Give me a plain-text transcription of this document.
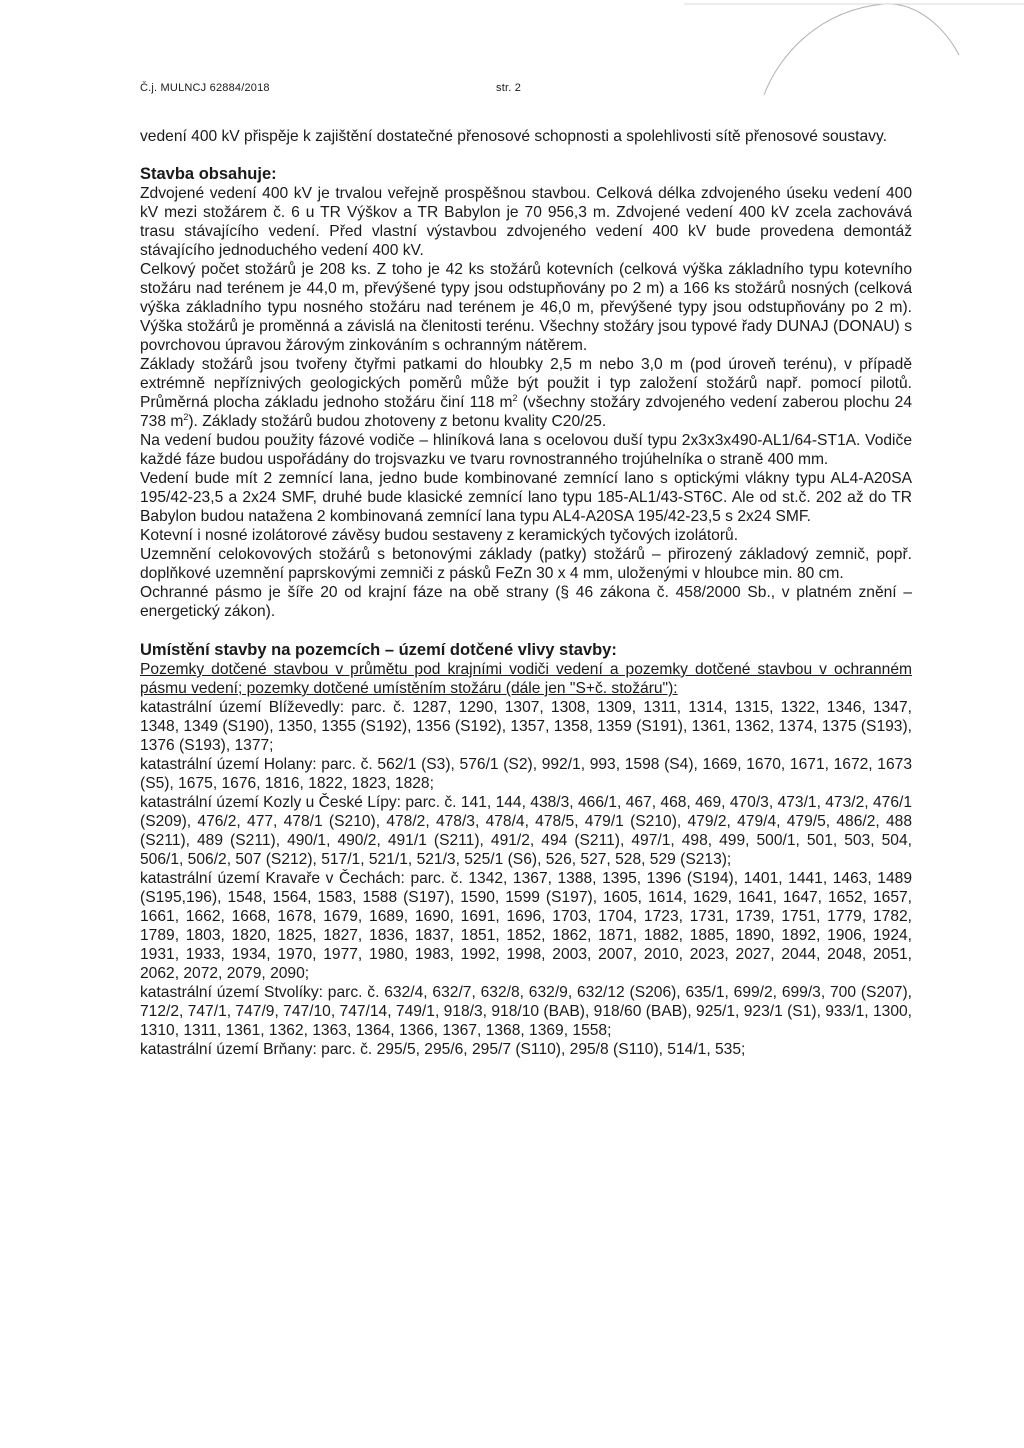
Č.j. MULNCJ 62884/2018	str. 2

vedení 400 kV přispěje k zajištění dostatečné přenosové schopnosti a spolehlivosti sítě přenosové soustavy.

Stavba obsahuje:

Zdvojené vedení 400 kV je trvalou veřejně prospěšnou stavbou. Celková délka zdvojeného úseku vedení 400 kV mezi stožárem č. 6 u TR Výškov a TR Babylon je 70 956,3 m. Zdvojené vedení 400 kV zcela zachovává trasu stávajícího vedení. Před vlastní výstavbou zdvojeného vedení 400 kV bude provedena demontáž stávajícího jednoduchého vedení 400 kV.

Celkový počet stožárů je 208 ks. Z toho je 42 ks stožárů kotevních (celková výška základního typu kotevního stožáru nad terénem je 44,0 m, převýšené typy jsou odstupňovány po 2 m) a 166 ks stožárů nosných (celková výška základního typu nosného stožáru nad terénem je 46,0 m, převýšené typy jsou odstupňovány po 2 m). Výška stožárů je proměnná a závislá na členitosti terénu. Všechny stožáry jsou typové řady DUNAJ (DONAU) s povrchovou úpravou žárovým zinkováním s ochranným nátěrem.

Základy stožárů jsou tvořeny čtyřmi patkami do hloubky 2,5 m nebo 3,0 m (pod úroveň terénu), v případě extrémně nepříznivých geologických poměrů může být použit i typ založení stožárů např. pomocí pilotů. Průměrná plocha základu jednoho stožáru činí 118 $m^2$ (všechny stožáry zdvojeného vedení zaberou plochu 24 738 $m^2$). Základy stožárů budou zhotoveny z betonu kvality C20/25.

Na vedení budou použity fázové vodiče – hliníková lana s ocelovou duší typu 2x3x3x490-AL1/64-ST1A. Vodiče každé fáze budou uspořádány do trojsvazku ve tvaru rovnostranného trojúhelníka o straně 400 mm.

Vedení bude mít 2 zemnící lana, jedno bude kombinované zemnící lano s optickými vlákny typu AL4-A20SA 195/42-23,5 a 2x24 SMF, druhé bude klasické zemnící lano typu 185-AL1/43-ST6C. Ale od st.č. 202 až do TR Babylon budou natažena 2 kombinovaná zemnící lana typu AL4-A20SA 195/42-23,5 s 2x24 SMF.

Kotevní i nosné izolátorové závěsy budou sestaveny z keramických tyčových izolátorů.

Uzemnění celokovových stožárů s betonovými základy (patky) stožárů – přirozený základový zemnič, popř. doplňkové uzemnění paprskovými zemniči z pásků FeZn 30 x 4 mm, uloženými v hloubce min. 80 cm.

Ochranné pásmo je šíře 20 od krajní fáze na obě strany (§ 46 zákona č. 458/2000 Sb., v platném znění – energetický zákon).

Umístění stavby na pozemcích – území dotčené vlivy stavby:

Pozemky dotčené stavbou v průmětu pod krajními vodiči vedení a pozemky dotčené stavbou v ochranném pásmu vedení; pozemky dotčené umístěním stožáru (dále jen "S+č. stožáru"):

katastrální území Blíževedly: parc. č. 1287, 1290, 1307, 1308, 1309, 1311, 1314, 1315, 1322, 1346, 1347, 1348, 1349 (S190), 1350, 1355 (S192), 1356 (S192), 1357, 1358, 1359 (S191), 1361, 1362, 1374, 1375 (S193), 1376 (S193), 1377;

katastrální území Holany: parc. č. 562/1 (S3), 576/1 (S2), 992/1, 993, 1598 (S4), 1669, 1670, 1671, 1672, 1673 (S5), 1675, 1676, 1816, 1822, 1823, 1828;

katastrální území Kozly u České Lípy: parc. č. 141, 144, 438/3, 466/1, 467, 468, 469, 470/3, 473/1, 473/2, 476/1 (S209), 476/2, 477, 478/1 (S210), 478/2, 478/3, 478/4, 478/5, 479/1 (S210), 479/2, 479/4, 479/5, 486/2, 488 (S211), 489 (S211), 490/1, 490/2, 491/1 (S211), 491/2, 494 (S211), 497/1, 498, 499, 500/1, 501, 503, 504, 506/1, 506/2, 507 (S212), 517/1, 521/1, 521/3, 525/1 (S6), 526, 527, 528, 529 (S213);

katastrální území Kravaře v Čechách: parc. č. 1342, 1367, 1388, 1395, 1396 (S194), 1401, 1441, 1463, 1489 (S195,196), 1548, 1564, 1583, 1588 (S197), 1590, 1599 (S197), 1605, 1614, 1629, 1641, 1647, 1652, 1657, 1661, 1662, 1668, 1678, 1679, 1689, 1690, 1691, 1696, 1703, 1704, 1723, 1731, 1739, 1751, 1779, 1782, 1789, 1803, 1820, 1825, 1827, 1836, 1837, 1851, 1852, 1862, 1871, 1882, 1885, 1890, 1892, 1906, 1924, 1931, 1933, 1934, 1970, 1977, 1980, 1983, 1992, 1998, 2003, 2007, 2010, 2023, 2027, 2044, 2048, 2051, 2062, 2072, 2079, 2090;

katastrální území Stvolíky: parc. č. 632/4, 632/7, 632/8, 632/9, 632/12 (S206), 635/1, 699/2, 699/3, 700 (S207), 712/2, 747/1, 747/9, 747/10, 747/14, 749/1, 918/3, 918/10 (BAB), 918/60 (BAB), 925/1, 923/1 (S1), 933/1, 1300, 1310, 1311, 1361, 1362, 1363, 1364, 1366, 1367, 1368, 1369, 1558;

katastrální území Brňany: parc. č. 295/5, 295/6, 295/7 (S110), 295/8 (S110), 514/1, 535;
